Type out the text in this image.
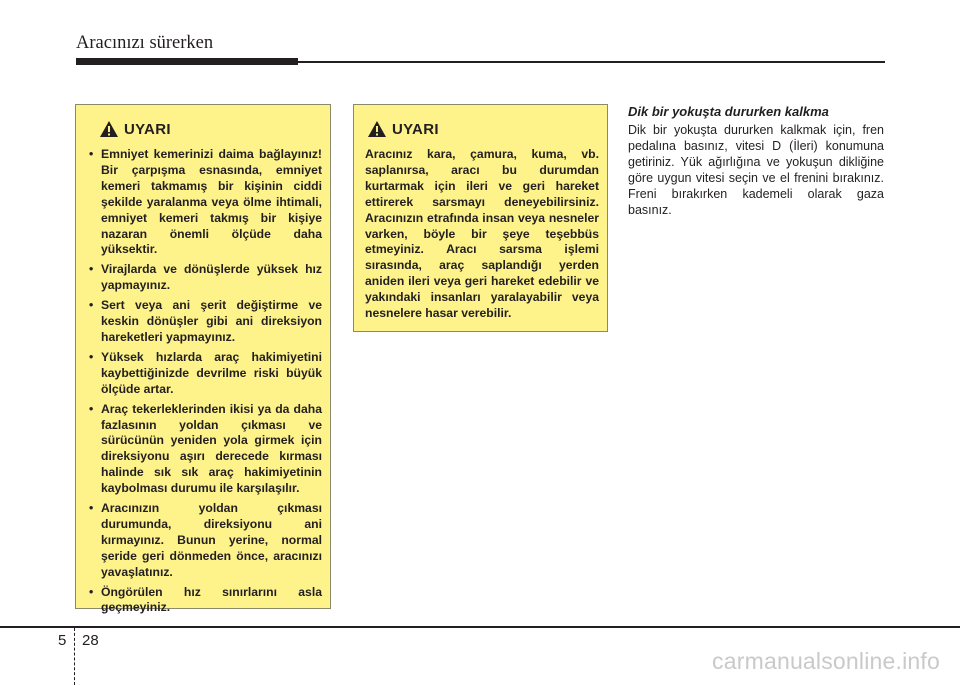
Aracınızı sürerken
UYARI
• Emniyet kemerinizi daima bağlayınız! Bir çarpışma esnasında, emniyet kemeri takmamış bir kişinin ciddi şekilde yaralanma veya ölme ihtimali, emniyet kemeri takmış bir kişiye nazaran önemli ölçüde daha yüksektir.
• Virajlarda ve dönüşlerde yüksek hız yapmayınız.
• Sert veya ani şerit değiştirme ve keskin dönüşler gibi ani direksiyon hareketleri yapmayınız.
• Yüksek hızlarda araç hakimiyetini kaybettiğinizde devrilme riski büyük ölçüde artar.
• Araç tekerleklerinden ikisi ya da daha fazlasının yoldan çıkması ve sürücünün yeniden yola girmek için direksiyonu aşırı derecede kırması halinde sık sık araç hakimiyetinin kaybolması durumu ile karşılaşılır.
• Aracınızın yoldan çıkması durumunda, direksiyonu ani kırmayınız. Bunun yerine, normal şeride geri dönmeden önce, aracınızı yavaşlatınız.
• Öngörülen hız sınırlarını asla geçmeyiniz.
UYARI

Aracınız kara, çamura, kuma, vb. saplanırsa, aracı bu durumdan kurtarmak için ileri ve geri hareket ettirerek sarsmayı deneyebilirsiniz. Aracınızın etrafında insan veya nesneler varken, böyle bir şeye teşebbüs etmeyiniz. Aracı sarsma işlemi sırasında, araç saplandığı yerden aniden ileri veya geri hareket edebilir ve yakındaki insanları yaralayabilir veya nesnelere hasar verebilir.

Dik bir yokuşta dururken kalkma

Dik bir yokuşta dururken kalkmak için, fren pedalına basınız, vitesi D (İleri) konumuna getiriniz. Yük ağırlığına ve yokuşun dikliğine göre uygun vitesi seçin ve el frenini bırakınız. Freni bırakırken kademeli olarak gaza basınız.

5 28
carmanualsonline.info
